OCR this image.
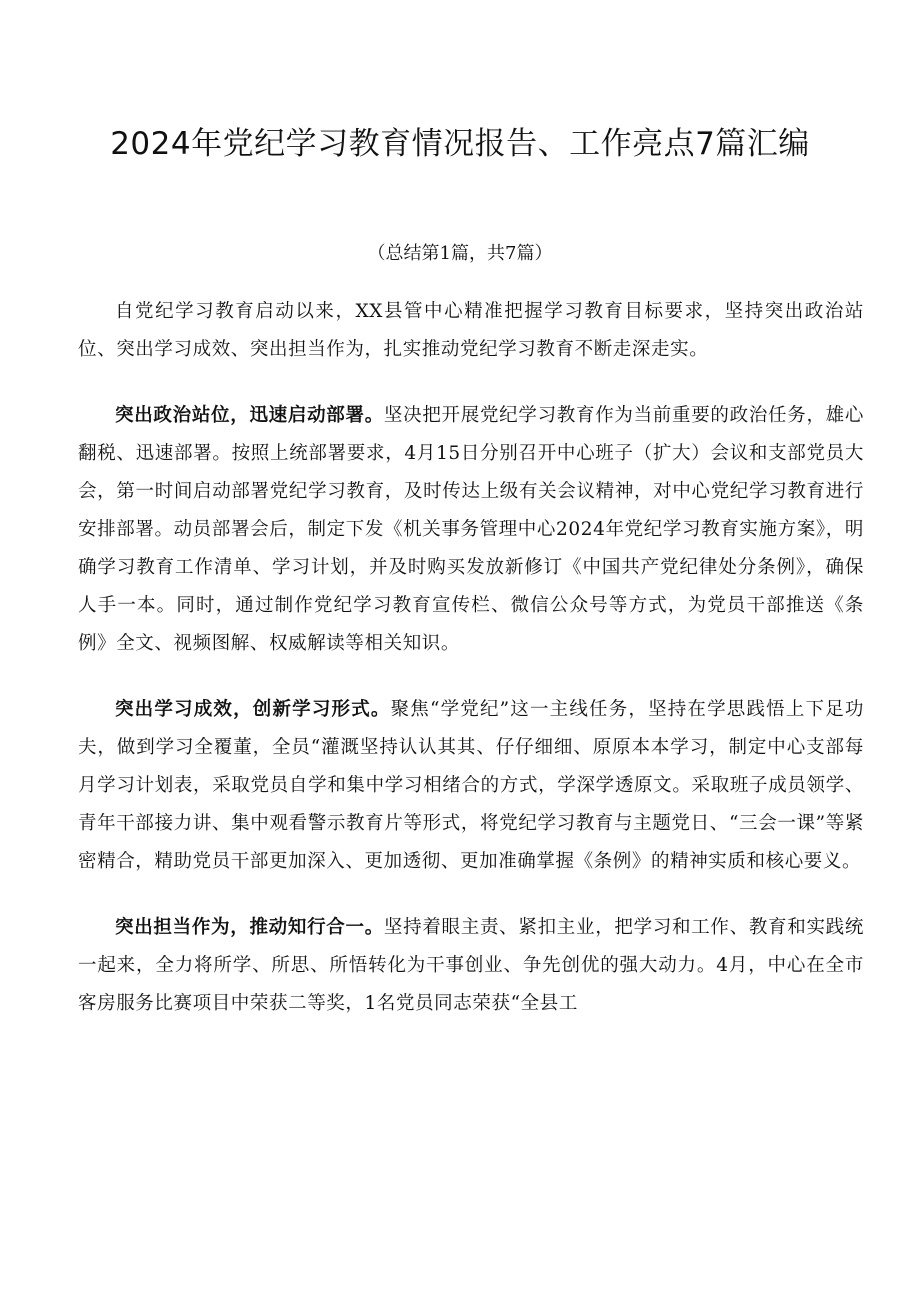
2024年党纪学习教育情况报告、工作亮点7篇汇编

（总结第1篇，共7篇）

自党纪学习教育启动以来，XX县管中心精准把握学习教育目标要求，坚持突出政治站位、突出学习成效、突出担当作为，扎实推动党纪学习教育不断走深走实。

突出政治站位，迅速启动部署。坚决把开展党纪学习教育作为当前重要的政治任务，雄心翻税、迅速部署。按照上统部署要求，4月15日分别召开中心班子（扩大）会议和支部党员大会，第一时间启动部署党纪学习教育，及时传达上级有关会议精神，对中心党纪学习教育进行安排部署。动员部署会后，制定下发《机关事务管理中心2024年党纪学习教育实施方案》，明确学习教育工作清单、学习计划，并及时购买发放新修订《中国共产党纪律处分条例》，确保人手一本。同时，通过制作党纪学习教育宣传栏、微信公众号等方式，为党员干部推送《条例》全文、视频图解、权威解读等相关知识。

突出学习成效，创新学习形式。聚焦“学党纪”这一主线任务，坚持在学思践悟上下足功夫，做到学习全覆董，全员“灌溉坚持认认其其、仔仔细细、原原本本学习，制定中心支部每月学习计划表，采取党员自学和集中学习相绪合的方式，学深学透原文。采取班子成员领学、青年干部接力讲、集中观看警示教育片等形式，将党纪学习教育与主题党日、“三会一课”等紧密精合，精助党员干部更加深入、更加透彻、更加准确掌握《条例》的精神实质和核心要义。

突出担当作为，推动知行合一。坚持着眼主责、紧扣主业，把学习和工作、教育和实践统一起来，全力将所学、所思、所悟转化为干事创业、争先创优的强大动力。4月，中心在全市客房服务比赛项目中荣获二等奖，1名党员同志荣获“全县工
